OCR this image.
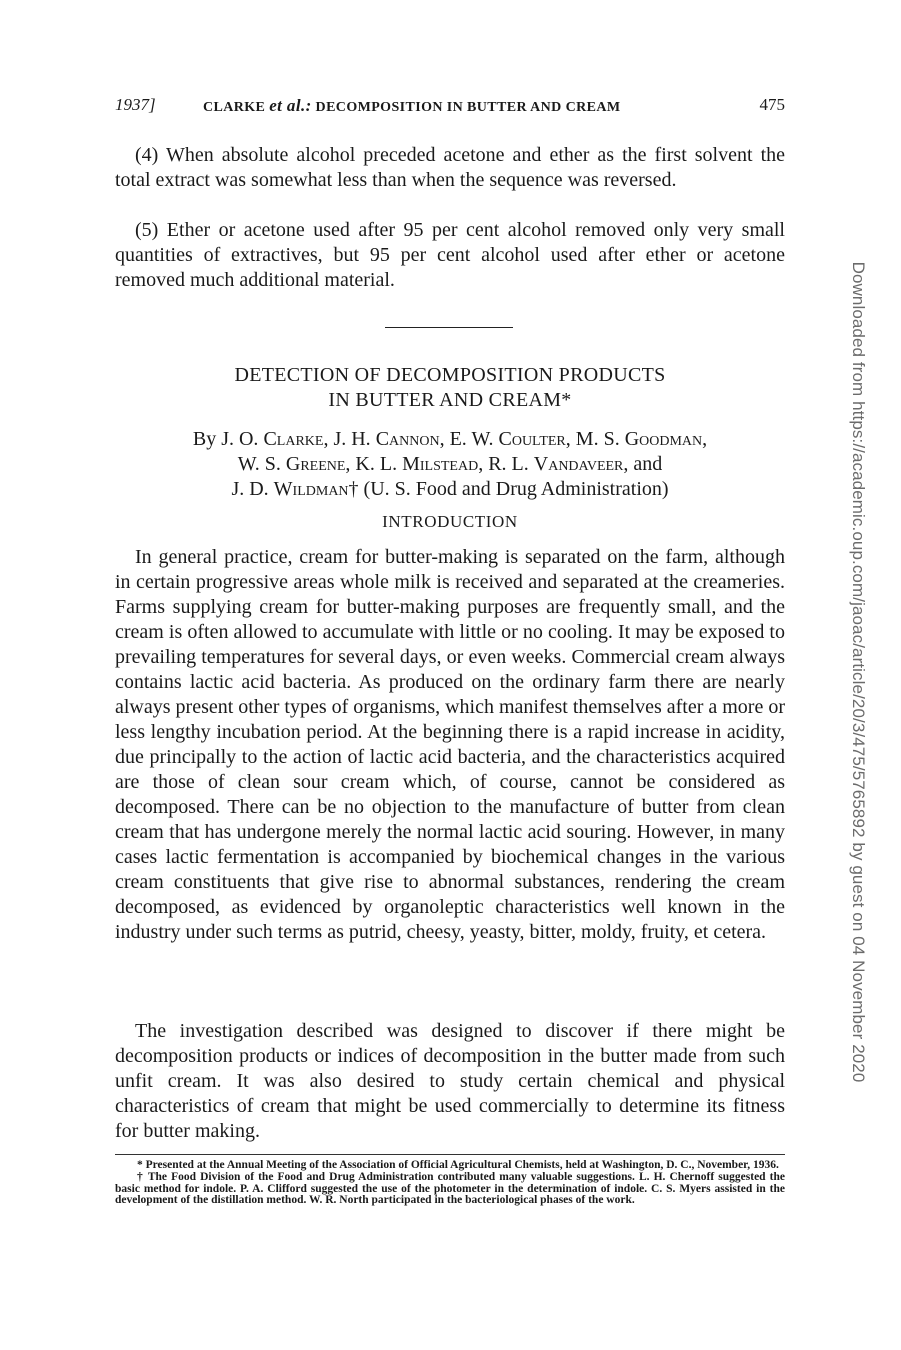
1937]	CLARKE et al.: DECOMPOSITION IN BUTTER AND CREAM	475

(4) When absolute alcohol preceded acetone and ether as the first solvent the total extract was somewhat less than when the sequence was reversed.

(5) Ether or acetone used after 95 per cent alcohol removed only very small quantities of extractives, but 95 per cent alcohol used after ether or acetone removed much additional material.

DETECTION OF DECOMPOSITION PRODUCTS
IN BUTTER AND CREAM*
By J. O. Clarke, J. H. Cannon, E. W. Coulter, M. S. Goodman,
W. S. Greene, K. L. Milstead, R. L. Vandaveer, and
J. D. Wildman† (U. S. Food and Drug Administration)
INTRODUCTION

In general practice, cream for butter-making is separated on the farm, although in certain progressive areas whole milk is received and separated at the creameries. Farms supplying cream for butter-making purposes are frequently small, and the cream is often allowed to accumulate with little or no cooling. It may be exposed to prevailing temperatures for several days, or even weeks. Commercial cream always contains lactic acid bacteria. As produced on the ordinary farm there are nearly always present other types of organisms, which manifest themselves after a more or less lengthy incubation period. At the beginning there is a rapid increase in acidity, due principally to the action of lactic acid bacteria, and the characteristics acquired are those of clean sour cream which, of course, cannot be considered as decomposed. There can be no objection to the manufacture of butter from clean cream that has undergone merely the normal lactic acid souring. However, in many cases lactic fermentation is accompanied by biochemical changes in the various cream constituents that give rise to abnormal substances, rendering the cream decomposed, as evidenced by organoleptic characteristics well known in the industry under such terms as putrid, cheesy, yeasty, bitter, moldy, fruity, et cetera.

The investigation described was designed to discover if there might be decomposition products or indices of decomposition in the butter made from such unfit cream. It was also desired to study certain chemical and physical characteristics of cream that might be used commercially to determine its fitness for butter making.

* Presented at the Annual Meeting of the Association of Official Agricultural Chemists, held at Washington, D. C., November, 1936.

† The Food Division of the Food and Drug Administration contributed many valuable suggestions. L. H. Chernoff suggested the basic method for indole. P. A. Clifford suggested the use of the photometer in the determination of indole. C. S. Myers assisted in the development of the distillation method. W. R. North participated in the bacteriological phases of the work.

Downloaded from https://academic.oup.com/jaoac/article/20/3/475/5765892 by guest on 04 November 2020
